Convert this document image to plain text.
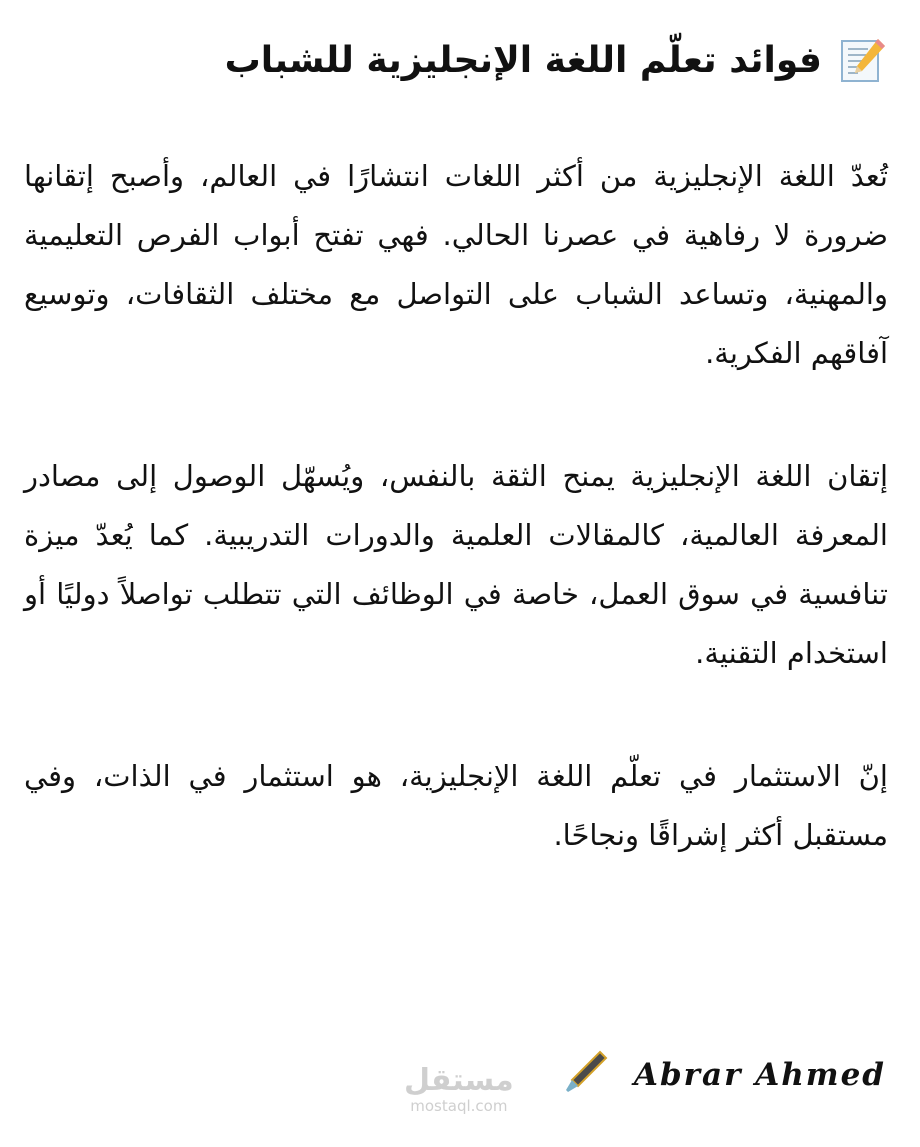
فوائد تعلّم اللغة الإنجليزية للشباب

تُعدّ اللغة الإنجليزية من أكثر اللغات انتشارًا في العالم، وأصبح إتقانها ضرورة لا رفاهية في عصرنا الحالي. فهي تفتح أبواب الفرص التعليمية والمهنية، وتساعد الشباب على التواصل مع مختلف الثقافات، وتوسيع آفاقهم الفكرية.

إتقان اللغة الإنجليزية يمنح الثقة بالنفس، ويُسهّل الوصول إلى مصادر المعرفة العالمية، كالمقالات العلمية والدورات التدريبية. كما يُعدّ ميزة تنافسية في سوق العمل، خاصة في الوظائف التي تتطلب تواصلاً دوليًا أو استخدام التقنية.

إنّ الاستثمار في تعلّم اللغة الإنجليزية، هو استثمار في الذات، وفي مستقبل أكثر إشراقًا ونجاحًا.

مستقل
mostaql.com
Abrar Ahmed
